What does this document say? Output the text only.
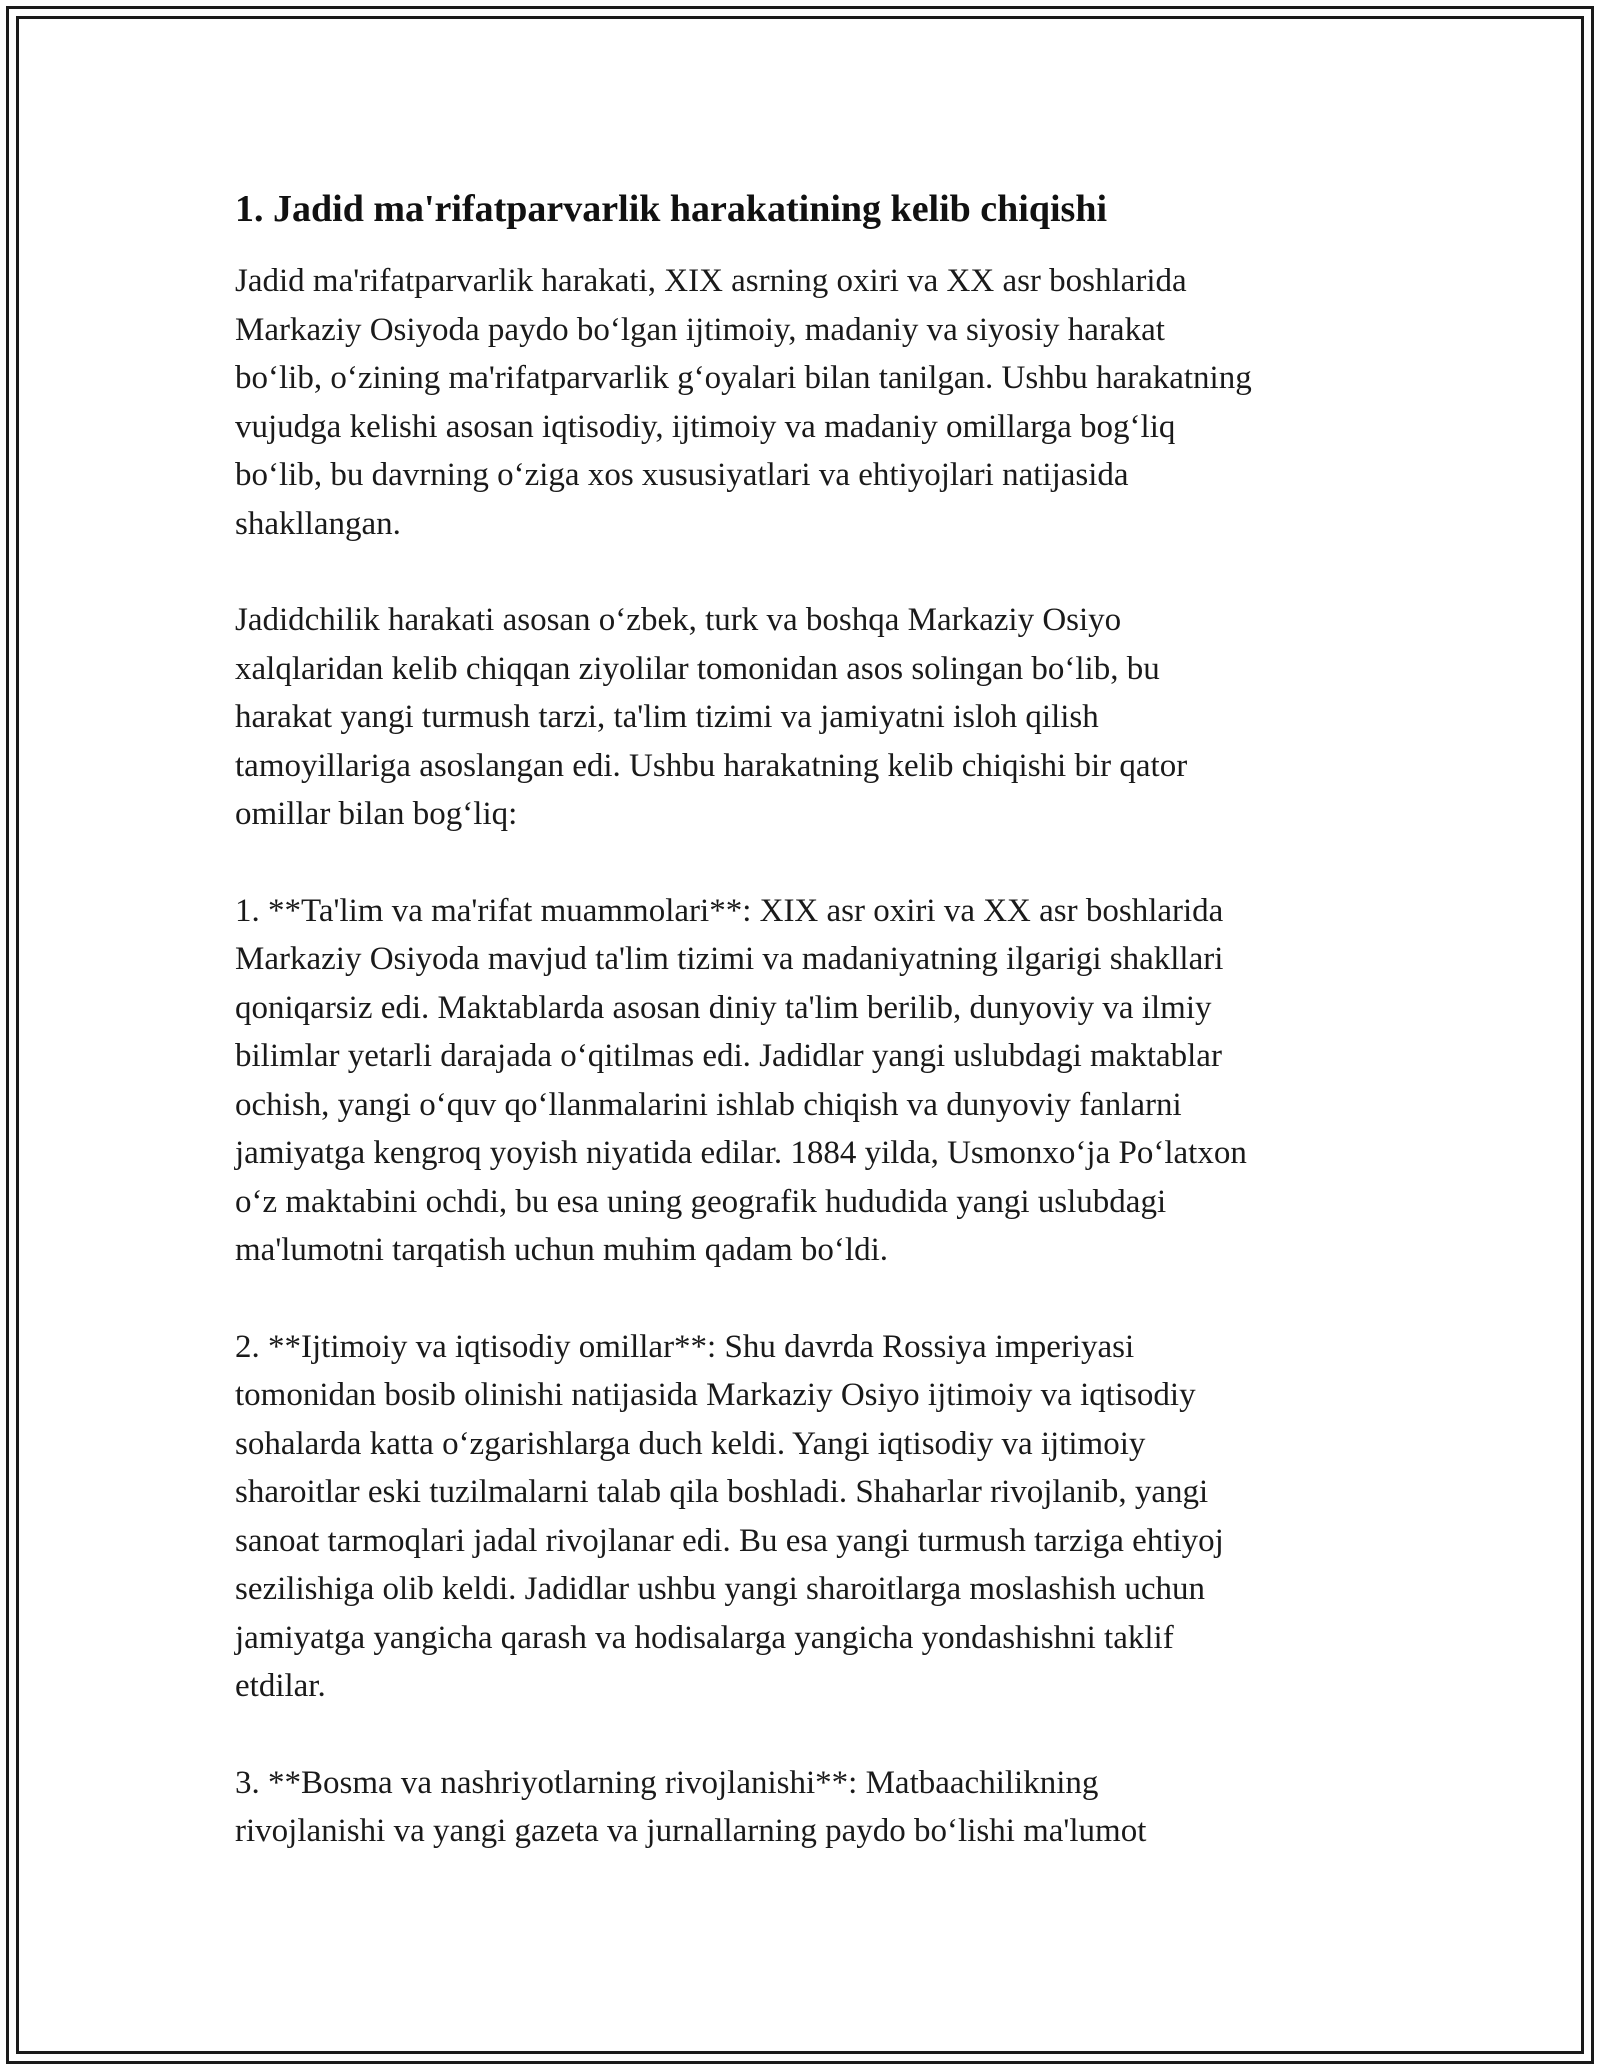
1. Jadid ma'rifatparvarlik harakatining kelib chiqishi

Jadid ma'rifatparvarlik harakati, XIX asrning oxiri va XX asr boshlarida
Markaziy Osiyoda paydo bo‘lgan ijtimoiy, madaniy va siyosiy harakat
bo‘lib, o‘zining ma'rifatparvarlik g‘oyalari bilan tanilgan. Ushbu harakatning
vujudga kelishi asosan iqtisodiy, ijtimoiy va madaniy omillarga bog‘liq
bo‘lib, bu davrning o‘ziga xos xususiyatlari va ehtiyojlari natijasida
shakllangan.

Jadidchilik harakati asosan o‘zbek, turk va boshqa Markaziy Osiyo
xalqlaridan kelib chiqqan ziyolilar tomonidan asos solingan bo‘lib, bu
harakat yangi turmush tarzi, ta'lim tizimi va jamiyatni isloh qilish
tamoyillariga asoslangan edi. Ushbu harakatning kelib chiqishi bir qator
omillar bilan bog‘liq:

1. **Ta'lim va ma'rifat muammolari**: XIX asr oxiri va XX asr boshlarida
Markaziy Osiyoda mavjud ta'lim tizimi va madaniyatning ilgarigi shakllari
qoniqarsiz edi. Maktablarda asosan diniy ta'lim berilib, dunyoviy va ilmiy
bilimlar yetarli darajada o‘qitilmas edi. Jadidlar yangi uslubdagi maktablar
ochish, yangi o‘quv qo‘llanmalarini ishlab chiqish va dunyoviy fanlarni
jamiyatga kengroq yoyish niyatida edilar. 1884 yilda, Usmonxo‘ja Po‘latxon
o‘z maktabini ochdi, bu esa uning geografik hududida yangi uslubdagi
ma'lumotni tarqatish uchun muhim qadam bo‘ldi.

2. **Ijtimoiy va iqtisodiy omillar**: Shu davrda Rossiya imperiyasi
tomonidan bosib olinishi natijasida Markaziy Osiyo ijtimoiy va iqtisodiy
sohalarda katta o‘zgarishlarga duch keldi. Yangi iqtisodiy va ijtimoiy
sharoitlar eski tuzilmalarni talab qila boshladi. Shaharlar rivojlanib, yangi
sanoat tarmoqlari jadal rivojlanar edi. Bu esa yangi turmush tarziga ehtiyoj
sezilishiga olib keldi. Jadidlar ushbu yangi sharoitlarga moslashish uchun
jamiyatga yangicha qarash va hodisalarga yangicha yondashishni taklif
etdilar.

3. **Bosma va nashriyotlarning rivojlanishi**: Matbaachilikning
rivojlanishi va yangi gazeta va jurnallarning paydo bo‘lishi ma'lumot
